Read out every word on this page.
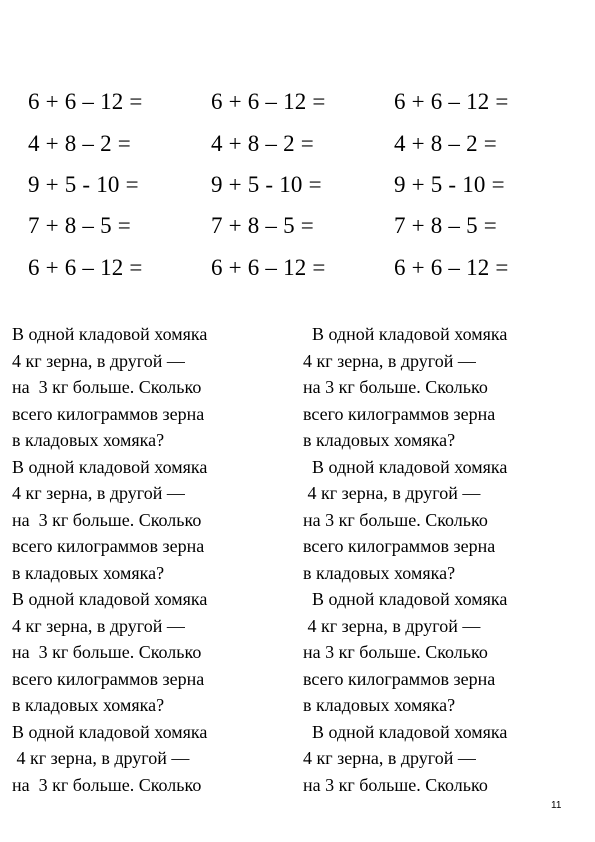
6 + 6 – 12 =	6 + 6 – 12 =	6 + 6 – 12 =
4 + 8 – 2 =	4 + 8 – 2 =	4 + 8 – 2 =
9 + 5 - 10 =	9 + 5 - 10 =	9 + 5 - 10 =
7 + 8 – 5 =	7 + 8 – 5 =	7 + 8 – 5 =
6 + 6 – 12 =	6 + 6 – 12 =	6 + 6 – 12 =
В одной кладовой хомяка
4 кг зерна, в другой —
на  3 кг больше. Сколько
всего килограммов зерна
в кладовых хомяка?
В одной кладовой хомяка
4 кг зерна, в другой —
на  3 кг больше. Сколько
всего килограммов зерна
в кладовых хомяка?
В одной кладовой хомяка
4 кг зерна, в другой —
на  3 кг больше. Сколько
всего килограммов зерна
в кладовых хомяка?
В одной кладовой хомяка
4 кг зерна, в другой —
на  3 кг больше. Сколько
В одной кладовой хомяка
4 кг зерна, в другой —
на 3 кг больше. Сколько
всего килограммов зерна
в кладовых хомяка?
В одной кладовой хомяка
4 кг зерна, в другой —
на 3 кг больше. Сколько
всего килограммов зерна
в кладовых хомяка?
В одной кладовой хомяка
4 кг зерна, в другой —
на 3 кг больше. Сколько
всего килограммов зерна
в кладовых хомяка?
В одной кладовой хомяка
4 кг зерна, в другой —
на 3 кг больше. Сколько
11
